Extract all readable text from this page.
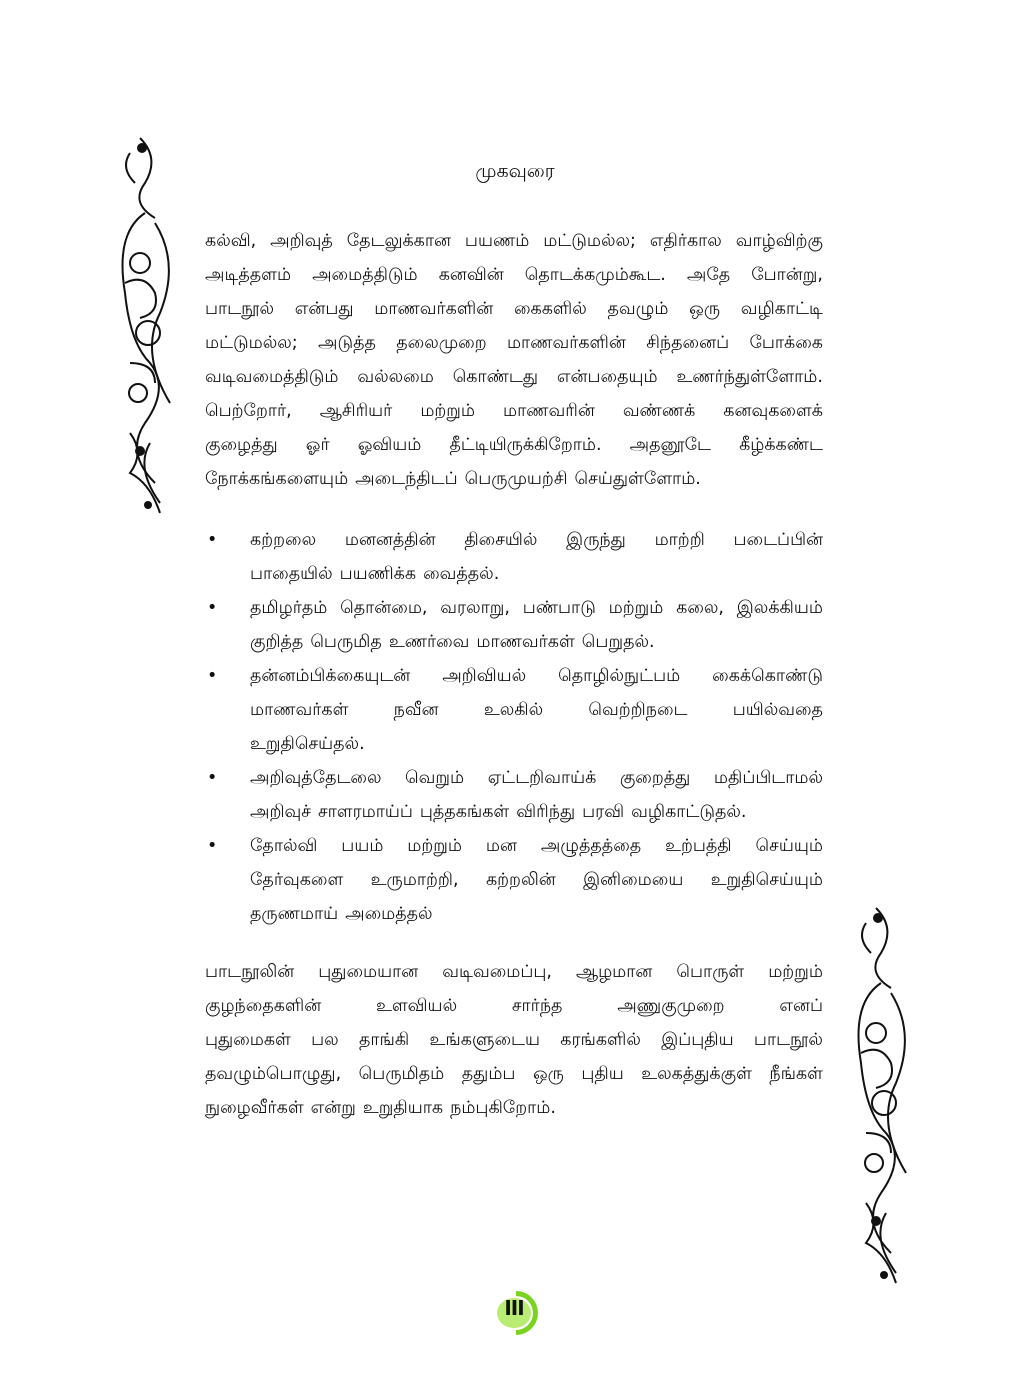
முகவுரை
கல்வி, அறிவுத் தேடலுக்கான பயணம் மட்டுமல்ல; எதிர்கால வாழ்விற்கு
அடித்தளம் அமைத்திடும் கனவின் தொடக்கமும்கூட. அதே போன்று,
பாடநூல் என்பது மாணவர்களின் கைகளில் தவழும் ஒரு வழிகாட்டி
மட்டுமல்ல; அடுத்த தலைமுறை மாணவர்களின் சிந்தனைப் போக்கை
வடிவமைத்திடும் வல்லமை கொண்டது என்பதையும் உணர்ந்துள்ளோம்.
பெற்றோர், ஆசிரியர் மற்றும் மாணவரின் வண்ணக் கனவுகளைக்
குழைத்து ஓர் ஓவியம் தீட்டியிருக்கிறோம். அதனூடே கீழ்க்கண்ட
நோக்கங்களையும் அடைந்திடப் பெருமுயற்சி செய்துள்ளோம்.
• கற்றலை மனனத்தின் திசையில் இருந்து மாற்றி படைப்பின்
பாதையில் பயணிக்க வைத்தல்.
• தமிழர்தம் தொன்மை, வரலாறு, பண்பாடு மற்றும் கலை, இலக்கியம்
குறித்த பெருமித உணர்வை மாணவர்கள் பெறுதல்.
• தன்னம்பிக்கையுடன் அறிவியல் தொழில்நுட்பம் கைக்கொண்டு
மாணவர்கள்	நவீன	உலகில்	வெற்றிநடை	பயில்வதை
உறுதிசெய்தல்.
• அறிவுத்தேடலை வெறும் ஏட்டறிவாய்க் குறைத்து மதிப்பிடாமல்
அறிவுச் சாளரமாய்ப் புத்தகங்கள் விரிந்து பரவி வழிகாட்டுதல்.
• தோல்வி பயம் மற்றும் மன அழுத்தத்தை உற்பத்தி செய்யும்
தேர்வுகளை உருமாற்றி, கற்றலின் இனிமையை உறுதிசெய்யும்
தருணமாய் அமைத்தல்
பாடநூலின் புதுமையான வடிவமைப்பு, ஆழமான பொருள் மற்றும்
குழந்தைகளின்	உளவியல்	சார்ந்த	அணுகுமுறை	எனப்
புதுமைகள் பல தாங்கி உங்களுடைய கரங்களில் இப்புதிய பாடநூல்
தவழும்பொழுது, பெருமிதம் ததும்ப ஒரு புதிய உலகத்துக்குள் நீங்கள்
நுழைவீர்கள் என்று உறுதியாக நம்புகிறோம்.
III
